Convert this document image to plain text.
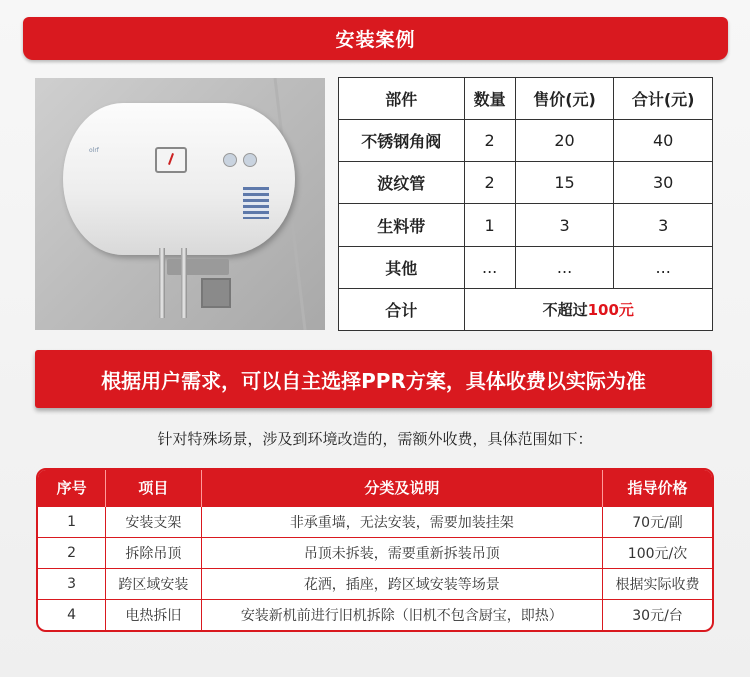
安装案例
olrf
部件	数量	售价(元)	合计(元)
不锈钢角阀	2	20	40
波纹管	2	15	30
生料带	1	3	3
其他	...	...	...
合计	不超过100元		
根据用户需求，可以自主选择PPR方案，具体收费以实际为准
针对特殊场景，涉及到环境改造的，需额外收费，具体范围如下：
序号	项目	分类及说明	指导价格
1	安装支架	非承重墙，无法安装，需要加装挂架	70元/副
2	拆除吊顶	吊顶未拆装，需要重新拆装吊顶	100元/次
3	跨区域安装	花洒，插座，跨区域安装等场景	根据实际收费
4	电热拆旧	安装新机前进行旧机拆除（旧机不包含厨宝，即热）	30元/台
